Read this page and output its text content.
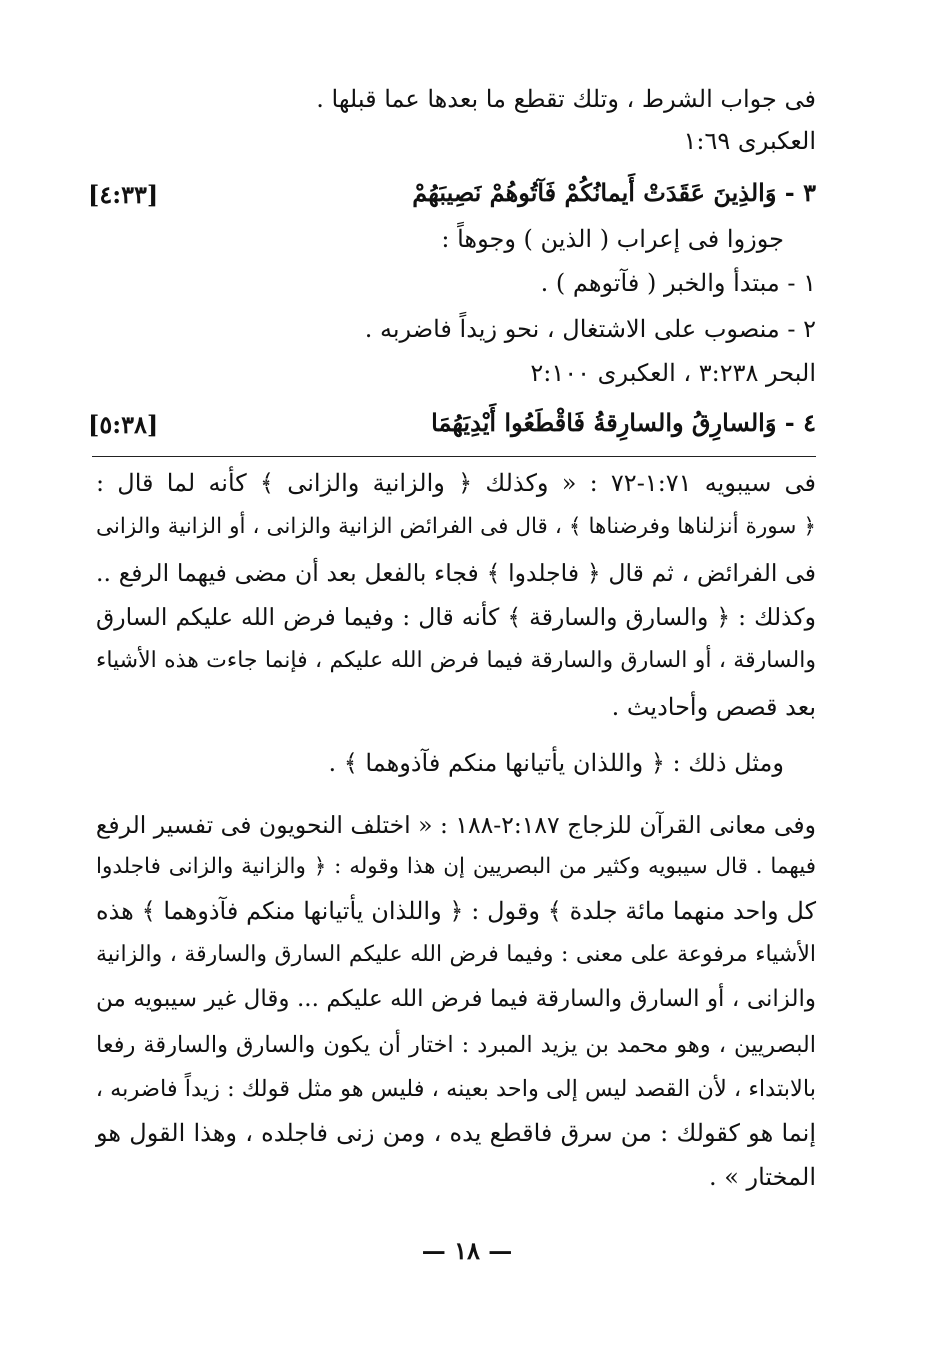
فى جواب الشرط ، وتلك تقطع ما بعدها عما قبلها .
العكبرى ١:٦٩
٣ - وَالذِينَ عَقَدَتْ أَيمانُكُمْ فَآتُوهُمْ نَصِيبَهُمْ
[٤:٣٣]
جوزوا فى إعراب ( الذين ) وجوهاً :
١ - مبتدأ والخبر ( فآتوهم ) .
٢ - منصوب على الاشتغال ، نحو زيداً فاضربه .
البحر ٣:٢٣٨ ، العكبرى ٢:١٠٠
٤ - وَالسارِقُ والسارِقةُ فَاقْطَعُوا أَيْدِيَهُمَا
[٥:٣٨]
فى سيبويه ١:٧١-٧٢ : « وكذلك ﴿ والزانية والزانى ﴾ كأنه لما قال :
﴿ سورة أنزلناها وفرضناها ﴾ ، قال فى الفرائض الزانية والزانى ، أو الزانية والزانى
فى الفرائض ، ثم قال ﴿ فاجلدوا ﴾ فجاء بالفعل بعد أن مضى فيهما الرفع ..
وكذلك : ﴿ والسارق والسارقة ﴾ كأنه قال : وفيما فرض الله عليكم السارق
والسارقة ، أو السارق والسارقة فيما فرض الله عليكم ، فإنما جاءت هذه الأشياء
بعد قصص وأحاديث .
ومثل ذلك : ﴿ واللذان يأتيانها منكم فآذوهما ﴾ .
وفى معانى القرآن للزجاج ٢:١٨٧-١٨٨ : « اختلف النحويون فى تفسير الرفع
فيهما . قال سيبويه وكثير من البصريين إن هذا وقوله : ﴿ والزانية والزانى فاجلدوا
كل واحد منهما مائة جلدة ﴾ وقول : ﴿ واللذان يأتيانها منكم فآذوهما ﴾ هذه
الأشياء مرفوعة على معنى : وفيما فرض الله عليكم السارق والسارقة ، والزانية
والزانى ، أو السارق والسارقة فيما فرض الله عليكم ... وقال غير سيبويه من
البصريين ، وهو محمد بن يزيد المبرد : اختار أن يكون والسارق والسارقة رفعا
بالابتداء ، لأن القصد ليس إلى واحد بعينه ، فليس هو مثل قولك : زيداً فاضربه ،
إنما هو كقولك : من سرق فاقطع يده ، ومن زنى فاجلده ، وهذا القول هو
المختار » .
— ١٨ —
